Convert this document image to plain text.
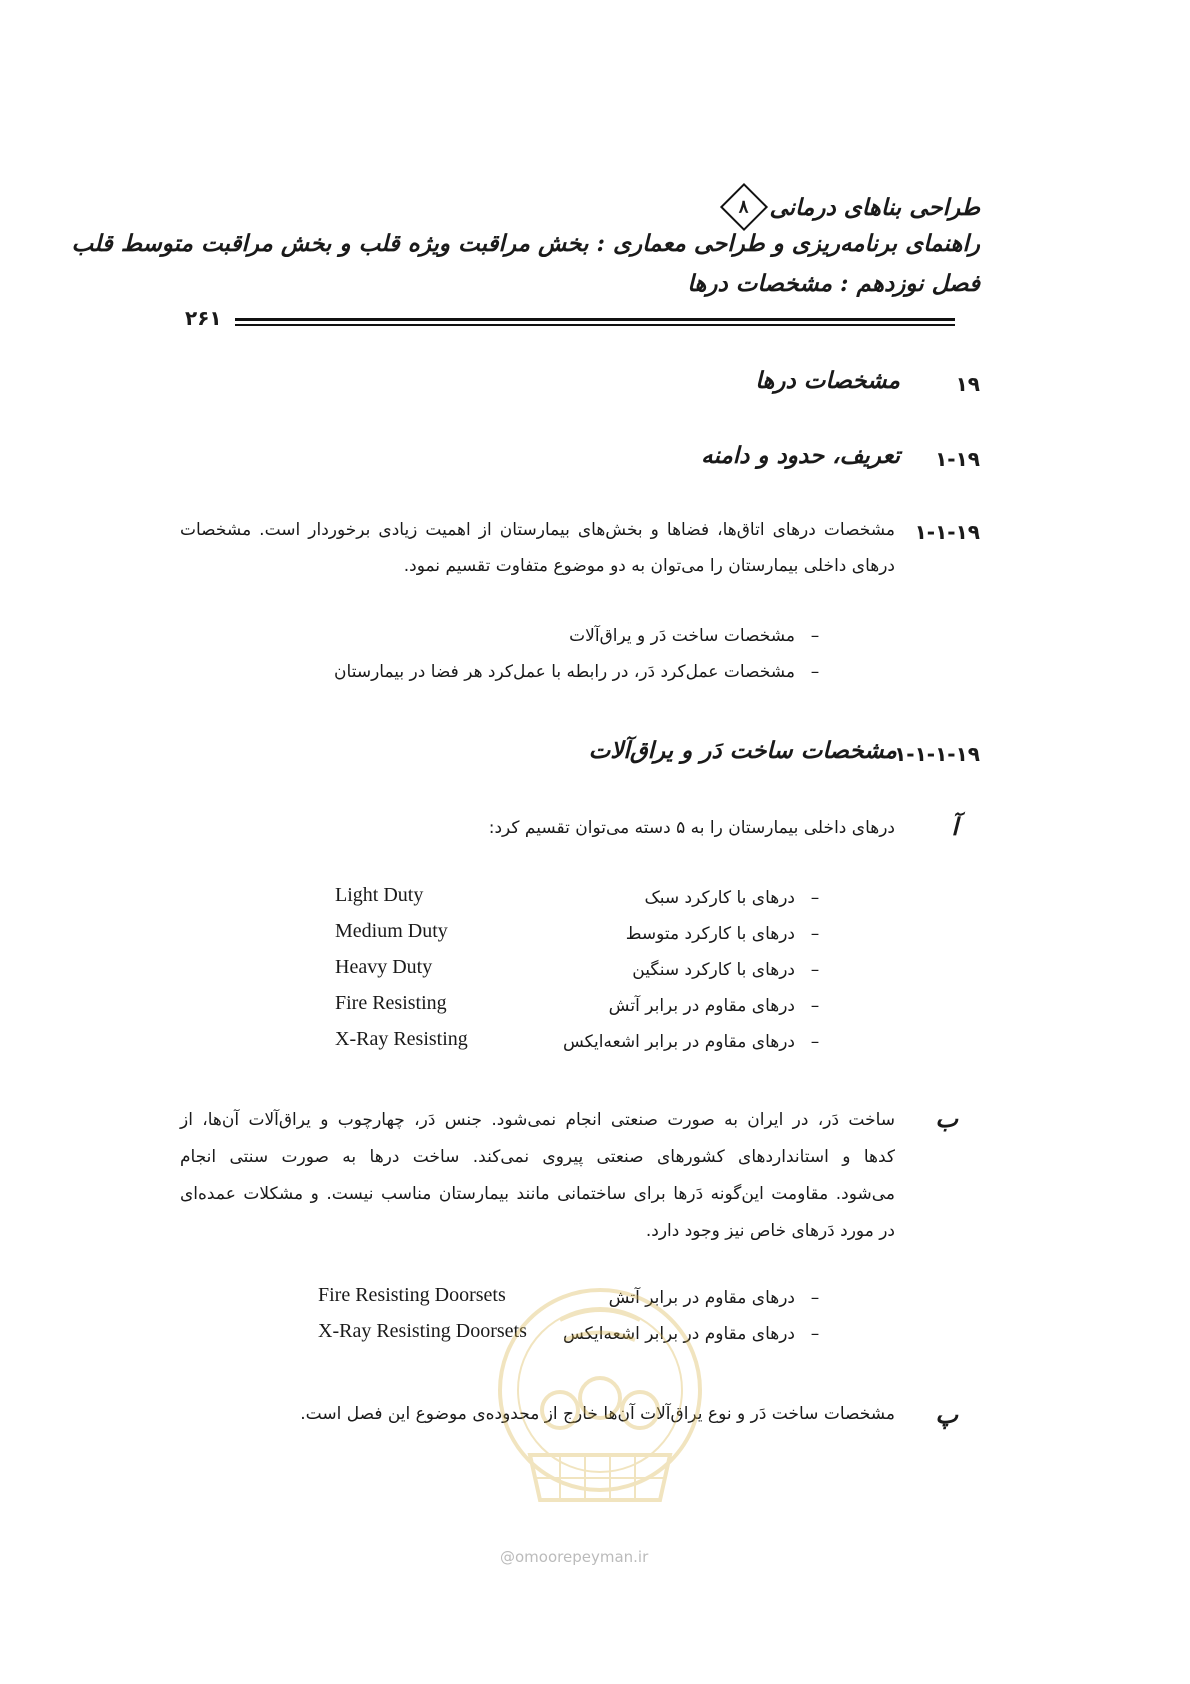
طراحی بناهای درمانی
۸
راهنمای برنامه‌ریزی و طراحی معماری : بخش مراقبت ویژه قلب و بخش مراقبت متوسط قلب
فصل نوزدهم : مشخصات درها
۲۶۱
۱۹
مشخصات درها
۱-۱۹
تعریف، حدود و دامنه
۱-۱-۱۹
مشخصات درهای اتاق‌ها، فضاها و بخش‌های بیمارستان از اهمیت زیادی برخوردار است. مشخصات درهای داخلی بیمارستان را می‌توان به دو موضوع متفاوت تقسیم نمود.
–مشخصات ساخت دَر و یراق‌آلات
–مشخصات عمل‌کرد دَر، در رابطه با عمل‌کرد هر فضا در بیمارستان
۱-۱-۱-۱۹
مشخصات ساخت دَر و یراق‌آلات
آ
درهای داخلی بیمارستان را به ۵ دسته می‌توان تقسیم کرد:
–درهای با کارکرد سبک
Light Duty
–درهای با کارکرد متوسط
Medium Duty
–درهای با کارکرد سنگین
Heavy Duty
–درهای مقاوم در برابر آتش
Fire Resisting
–درهای مقاوم در برابر اشعه‌ایکس
X-Ray Resisting
ب
ساخت دَر، در ایران به صورت صنعتی انجام نمی‌شود. جنس دَر، چهارچوب و یراق‌آلات آن‌ها، از
کدها و استانداردهای کشورهای صنعتی پیروی نمی‌کند. ساخت درها به صورت سنتی انجام
می‌شود. مقاومت این‌گونه دَرها برای ساختمانی مانند بیمارستان مناسب نیست. و مشکلات عمده‌ای
در مورد دَرهای خاص نیز وجود دارد.
–درهای مقاوم در برابر آتش
Fire Resisting Doorsets
–درهای مقاوم در برابر اشعه‌ایکس
X-Ray Resisting Doorsets
پ
مشخصات ساخت دَر و نوع یراق‌آلات آن‌ها خارج از محدوده‌ی موضوع این فصل است.
@omoorepeyman.ir
